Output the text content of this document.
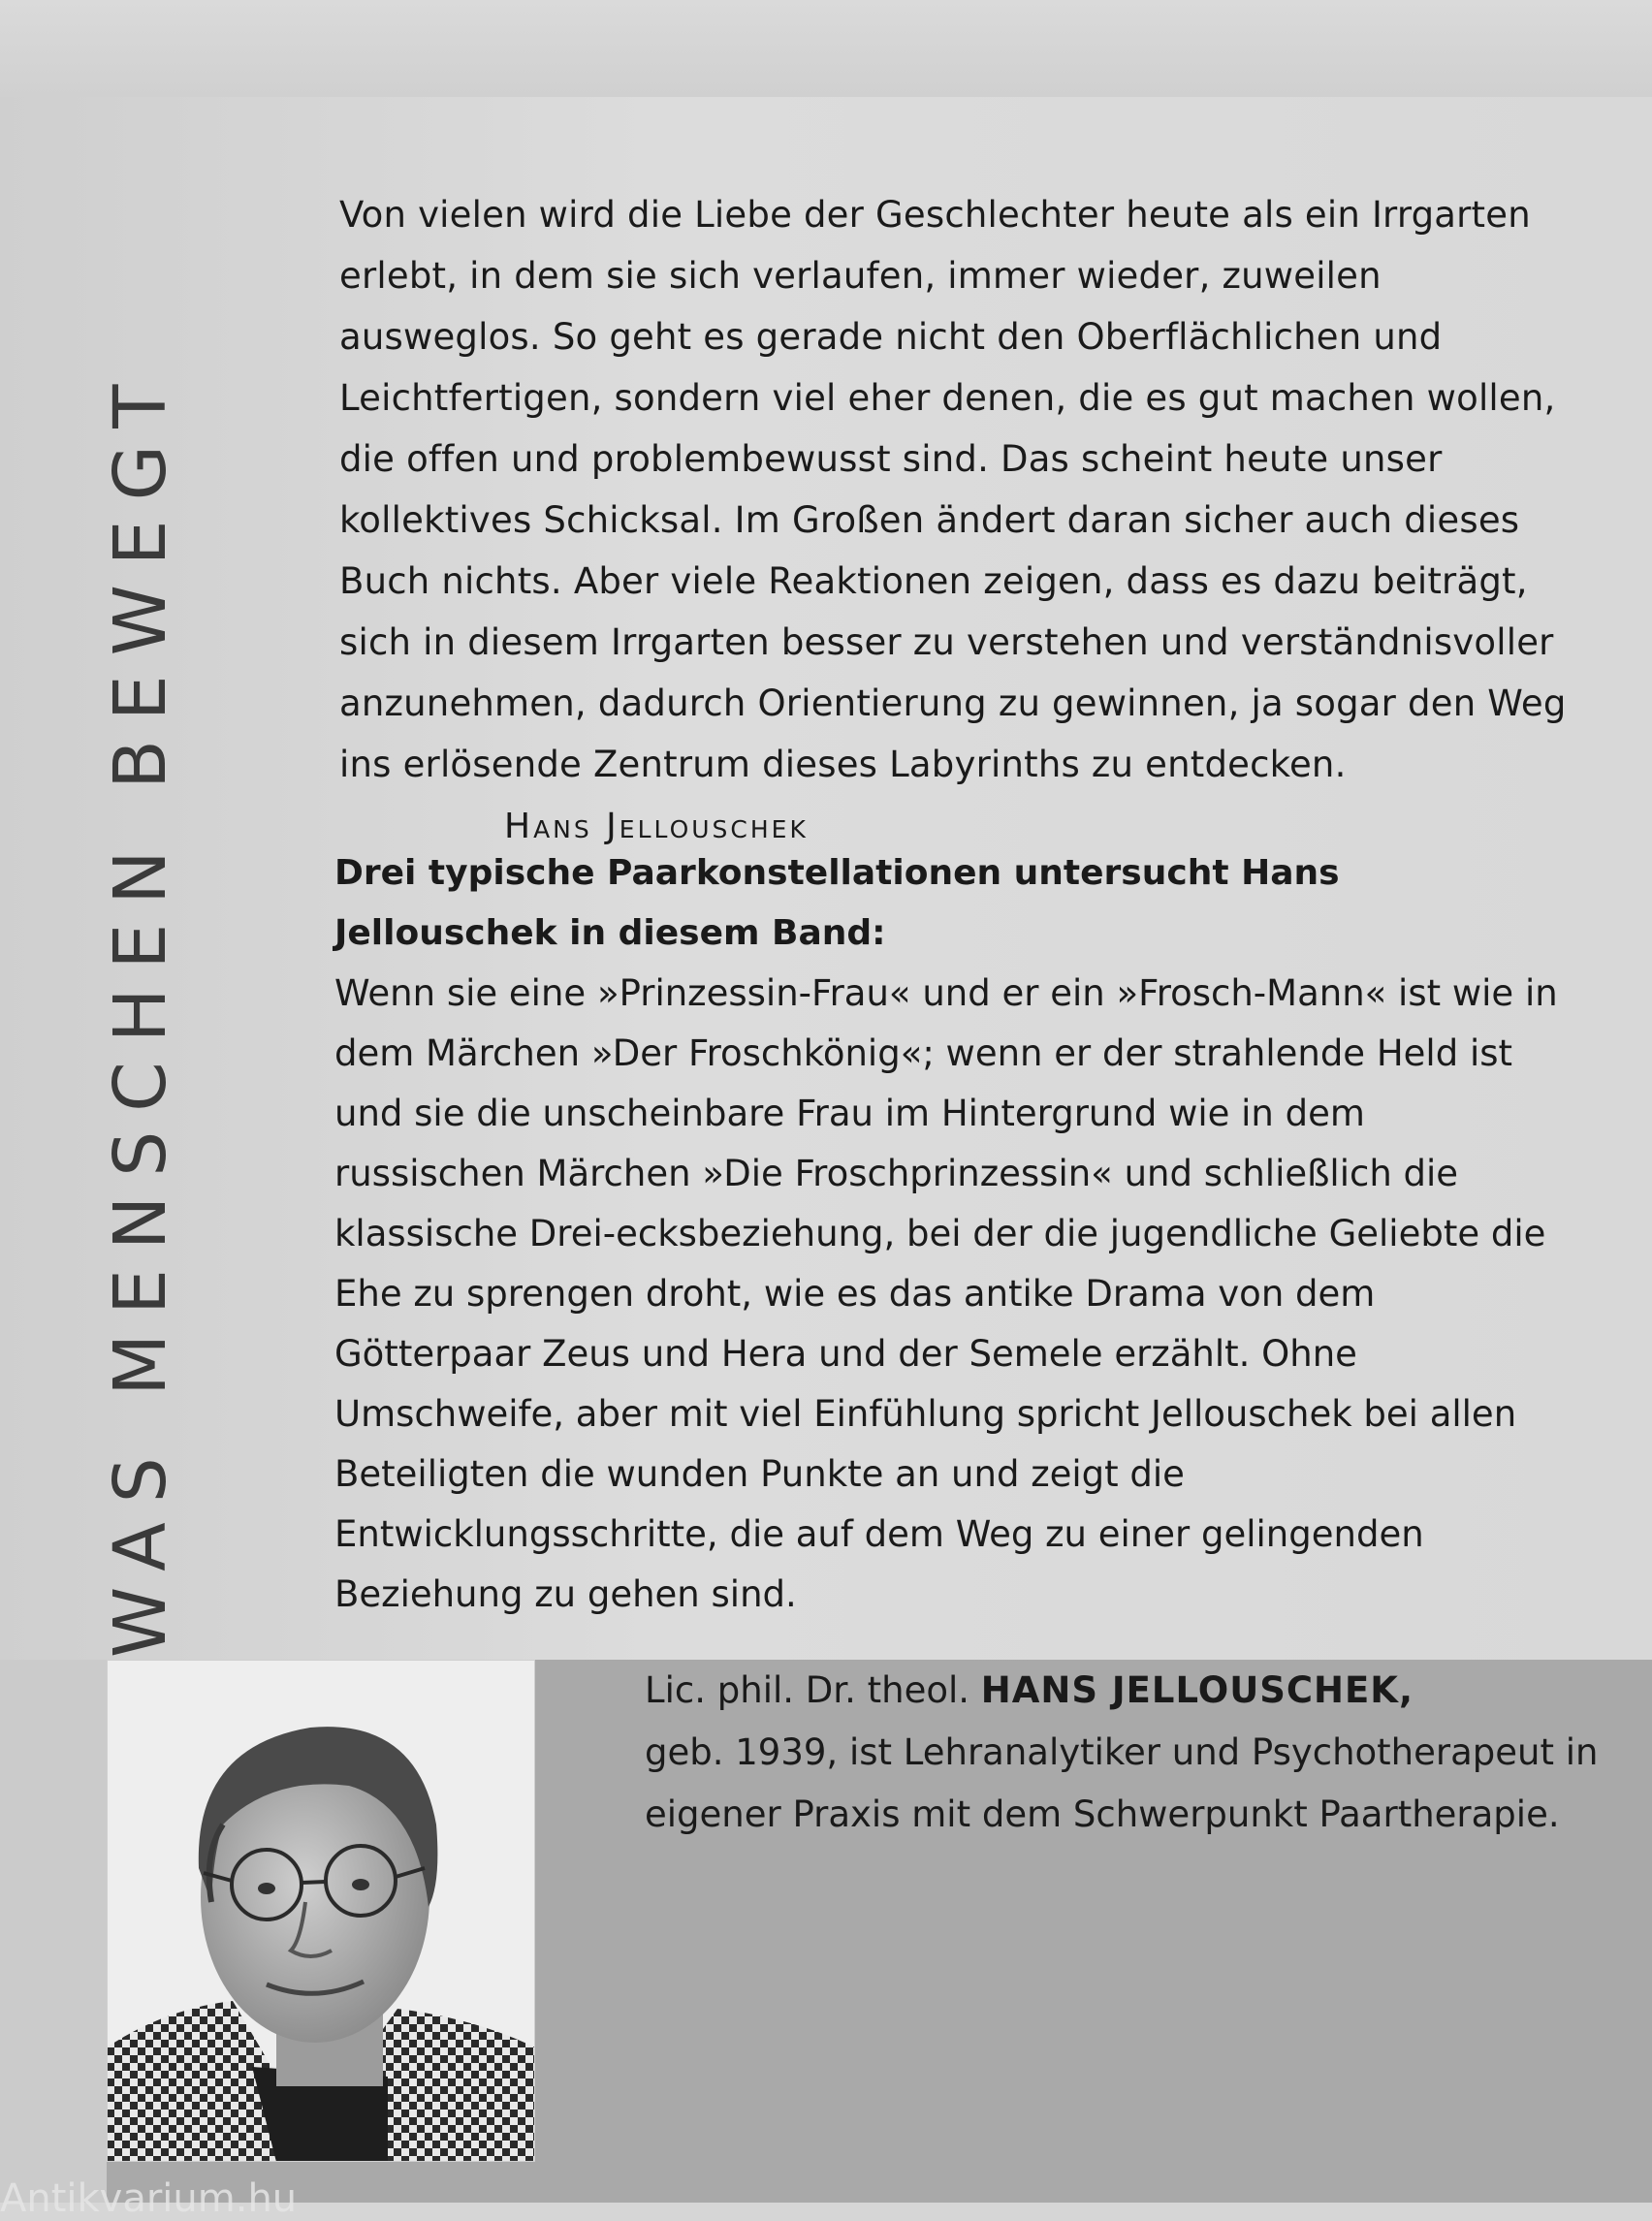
WAS MENSCHEN BEWEGT

Von vielen wird die Liebe der Geschlechter heute als ein Irrgarten erlebt, in dem sie sich verlaufen, immer wieder, zuweilen ausweglos. So geht es gerade nicht den Oberflächlichen und Leichtfertigen, sondern viel eher denen, die es gut machen wollen, die offen und problembewusst sind. Das scheint heute unser kollektives Schicksal. Im Großen ändert daran sicher auch dieses Buch nichts. Aber viele Reaktionen zeigen, dass es dazu beiträgt, sich in diesem Irrgarten besser zu verstehen und verständnisvoller anzunehmen, dadurch Orientierung zu gewinnen, ja sogar den Weg ins erlösende Zentrum dieses Labyrinths zu entdecken. Hans Jellouschek

Drei typische Paarkonstellationen untersucht Hans Jellouschek in diesem Band:

Wenn sie eine »Prinzessin-Frau« und er ein »Frosch-Mann« ist wie in dem Märchen »Der Froschkönig«; wenn er der strahlende Held ist und sie die unscheinbare Frau im Hintergrund wie in dem russischen Märchen »Die Froschprinzessin« und schließlich die klassische Drei-ecksbeziehung, bei der die jugendliche Geliebte die Ehe zu sprengen droht, wie es das antike Drama von dem Götterpaar Zeus und Hera und der Semele erzählt. Ohne Umschweife, aber mit viel Einfühlung spricht Jellouschek bei allen Beteiligten die wunden Punkte an und zeigt die Entwicklungsschritte, die auf dem Weg zu einer gelingenden Beziehung zu gehen sind.

Lic. phil. Dr. theol. HANS JELLOUSCHEK,

geb. 1939, ist Lehranalytiker und Psychotherapeut in eigener Praxis mit dem Schwerpunkt Paartherapie.

Antikvarium.hu
